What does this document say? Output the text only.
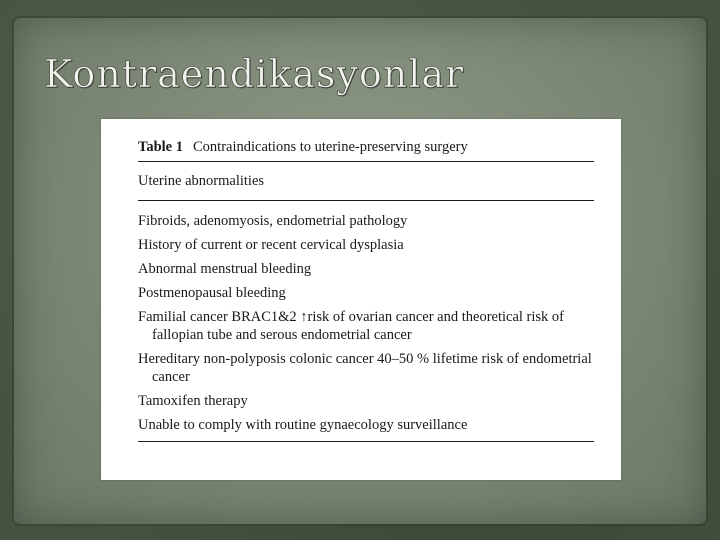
Kontraendikasyonlar
Table 1 Contraindications to uterine-preserving surgery
Uterine abnormalities
Fibroids, adenomyosis, endometrial pathology
History of current or recent cervical dysplasia
Abnormal menstrual bleeding
Postmenopausal bleeding
Familial cancer BRAC1&2 ↑risk of ovarian cancer and theoretical risk of fallopian tube and serous endometrial cancer
Hereditary non-polyposis colonic cancer 40–50 % lifetime risk of endometrial cancer
Tamoxifen therapy
Unable to comply with routine gynaecology surveillance
